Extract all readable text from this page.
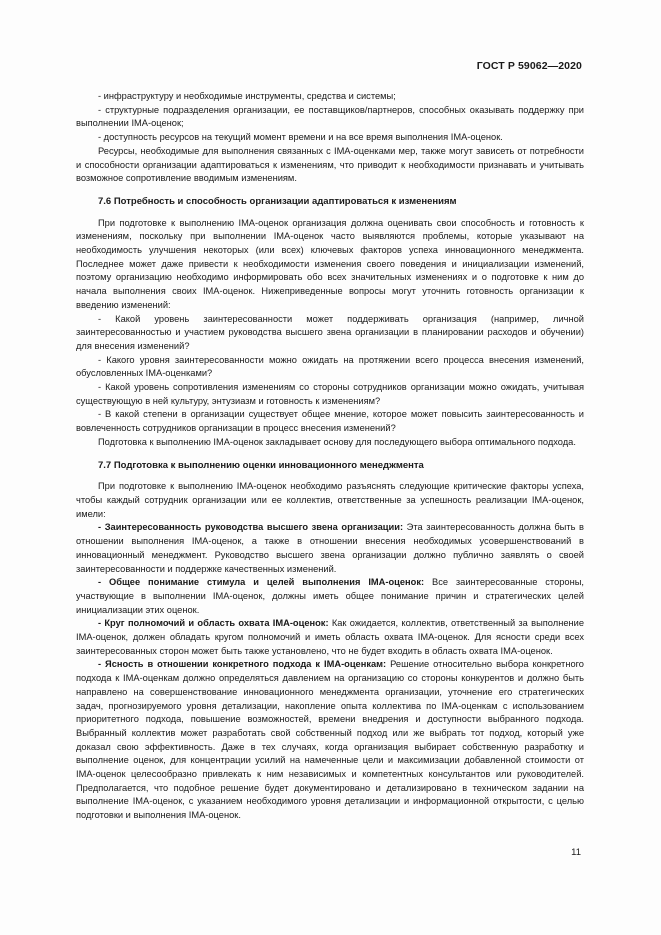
ГОСТ Р 59062—2020

- инфраструктуру и необходимые инструменты, средства и системы;

- структурные подразделения организации, ее поставщиков/партнеров, способных оказывать поддержку при выполнении IMA-оценок;

- доступность ресурсов на текущий момент времени и на все время выполнения IMA-оценок.

Ресурсы, необходимые для выполнения связанных с IMA-оценками мер, также могут зависеть от потребности и способности организации адаптироваться к изменениям, что приводит к необходимости признавать и учитывать возможное сопротивление вводимым изменениям.

7.6 Потребность и способность организации адаптироваться к изменениям

При подготовке к выполнению IMA-оценок организация должна оценивать свои способность и готовность к изменениям, поскольку при выполнении IMA-оценок часто выявляются проблемы, которые указывают на необходимость улучшения некоторых (или всех) ключевых факторов успеха инновационного менеджмента. Последнее может даже привести к необходимости изменения своего поведения и инициализации изменений, поэтому организацию необходимо информировать обо всех значительных изменениях и о подготовке к ним до начала выполнения своих IMA-оценок. Нижеприведенные вопросы могут уточнить готовность организации к введению изменений:

- Какой уровень заинтересованности может поддерживать организация (например, личной заинтересованностью и участием руководства высшего звена организации в планировании расходов и обучении) для внесения изменений?

- Какого уровня заинтересованности можно ожидать на протяжении всего процесса внесения изменений, обусловленных IMA-оценками?

- Какой уровень сопротивления изменениям со стороны сотрудников организации можно ожидать, учитывая существующую в ней культуру, энтузиазм и готовность к изменениям?

- В какой степени в организации существует общее мнение, которое может повысить заинтересованность и вовлеченность сотрудников организации в процесс внесения изменений?

Подготовка к выполнению IMA-оценок закладывает основу для последующего выбора оптимального подхода.

7.7 Подготовка к выполнению оценки инновационного менеджмента

При подготовке к выполнению IMA-оценок необходимо разъяснять следующие критические факторы успеха, чтобы каждый сотрудник организации или ее коллектив, ответственные за успешность реализации IMA-оценок, имели:

- Заинтересованность руководства высшего звена организации: Эта заинтересованность должна быть в отношении выполнения IMA-оценок, а также в отношении внесения необходимых усовершенствований в инновационный менеджмент. Руководство высшего звена организации должно публично заявлять о своей заинтересованности и поддержке качественных изменений.

- Общее понимание стимула и целей выполнения IMA-оценок: Все заинтересованные стороны, участвующие в выполнении IMA-оценок, должны иметь общее понимание причин и стратегических целей инициализации этих оценок.

- Круг полномочий и область охвата IMA-оценок: Как ожидается, коллектив, ответственный за выполнение IMA-оценок, должен обладать кругом полномочий и иметь область охвата IMA-оценок. Для ясности среди всех заинтересованных сторон может быть также установлено, что не будет входить в область охвата IMA-оценок.

- Ясность в отношении конкретного подхода к IMA-оценкам: Решение относительно выбора конкретного подхода к IMA-оценкам должно определяться давлением на организацию со стороны конкурентов и должно быть направлено на совершенствование инновационного менеджмента организации, уточнение его стратегических задач, прогнозируемого уровня детализации, накопление опыта коллектива по IMA-оценкам с использованием приоритетного подхода, повышение возможностей, времени внедрения и доступности выбранного подхода. Выбранный коллектив может разработать свой собственный подход или же выбрать тот подход, который уже доказал свою эффективность. Даже в тех случаях, когда организация выбирает собственную разработку и выполнение оценок, для концентрации усилий на намеченные цели и максимизации добавленной стоимости от IMA-оценок целесообразно привлекать к ним независимых и компетентных консультантов или руководителей. Предполагается, что подобное решение будет документировано и детализировано в техническом задании на выполнение IMA-оценок, с указанием необходимого уровня детализации и информационной открытости, с целью подготовки и выполнения IMA-оценок.

11
